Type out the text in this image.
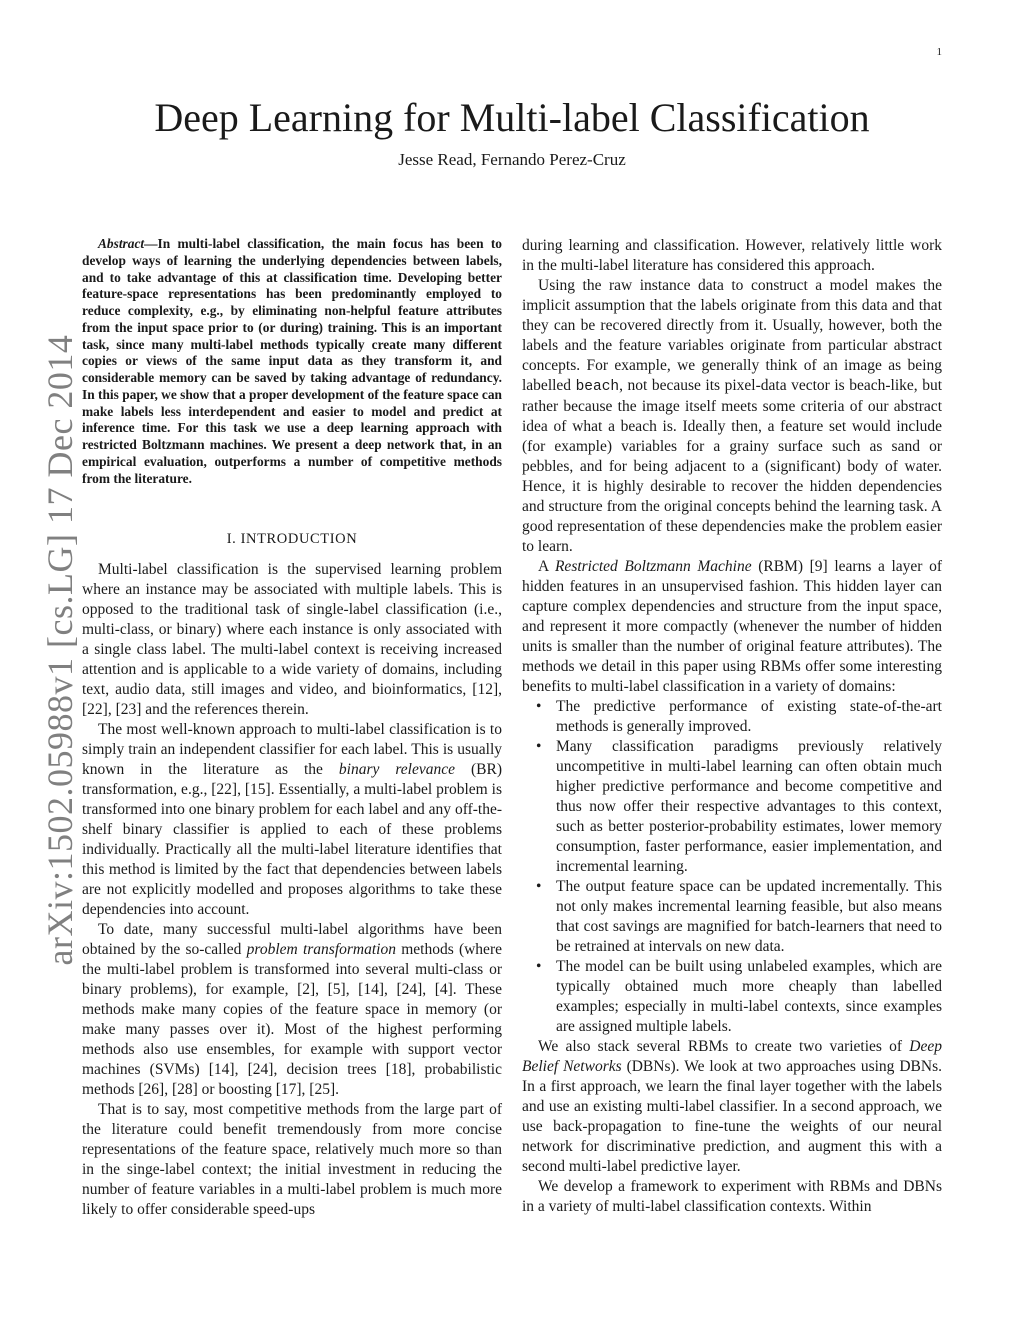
1
arXiv:1502.05988v1 [cs.LG] 17 Dec 2014
Deep Learning for Multi-label Classification
Jesse Read, Fernando Perez-Cruz

Abstract—In multi-label classification, the main focus has been to develop ways of learning the underlying dependencies between labels, and to take advantage of this at classification time. Developing better feature-space representations has been predominantly employed to reduce complexity, e.g., by eliminating non-helpful feature attributes from the input space prior to (or during) training. This is an important task, since many multi-label methods typically create many different copies or views of the same input data as they transform it, and considerable memory can be saved by taking advantage of redundancy. In this paper, we show that a proper development of the feature space can make labels less interdependent and easier to model and predict at inference time. For this task we use a deep learning approach with restricted Boltzmann machines. We present a deep network that, in an empirical evaluation, outperforms a number of competitive methods from the literature.

I. INTRODUCTION

Multi-label classification is the supervised learning problem where an instance may be associated with multiple labels. This is opposed to the traditional task of single-label classification (i.e., multi-class, or binary) where each instance is only associated with a single class label. The multi-label context is receiving increased attention and is applicable to a wide variety of domains, including text, audio data, still images and video, and bioinformatics, [12], [22], [23] and the references therein.

The most well-known approach to multi-label classification is to simply train an independent classifier for each label. This is usually known in the literature as the binary relevance (BR) transformation, e.g., [22], [15]. Essentially, a multi-label problem is transformed into one binary problem for each label and any off-the-shelf binary classifier is applied to each of these problems individually. Practically all the multi-label literature identifies that this method is limited by the fact that dependencies between labels are not explicitly modelled and proposes algorithms to take these dependencies into account.

To date, many successful multi-label algorithms have been obtained by the so-called problem transformation methods (where the multi-label problem is transformed into several multi-class or binary problems), for example, [2], [5], [14], [24], [4]. These methods make many copies of the feature space in memory (or make many passes over it). Most of the highest performing methods also use ensembles, for example with support vector machines (SVMs) [14], [24], decision trees [18], probabilistic methods [26], [28] or boosting [17], [25].

That is to say, most competitive methods from the large part of the literature could benefit tremendously from more concise representations of the feature space, relatively much more so than in the singe-label context; the initial investment in reducing the number of feature variables in a multi-label problem is much more likely to offer considerable speed-ups

during learning and classification. However, relatively little work in the multi-label literature has considered this approach.

Using the raw instance data to construct a model makes the implicit assumption that the labels originate from this data and that they can be recovered directly from it. Usually, however, both the labels and the feature variables originate from particular abstract concepts. For example, we generally think of an image as being labelled beach, not because its pixel-data vector is beach-like, but rather because the image itself meets some criteria of our abstract idea of what a beach is. Ideally then, a feature set would include (for example) variables for a grainy surface such as sand or pebbles, and for being adjacent to a (significant) body of water. Hence, it is highly desirable to recover the hidden dependencies and structure from the original concepts behind the learning task. A good representation of these dependencies make the problem easier to learn.

A Restricted Boltzmann Machine (RBM) [9] learns a layer of hidden features in an unsupervised fashion. This hidden layer can capture complex dependencies and structure from the input space, and represent it more compactly (whenever the number of hidden units is smaller than the number of original feature attributes). The methods we detail in this paper using RBMs offer some interesting benefits to multi-label classification in a variety of domains:

• The predictive performance of existing state-of-the-art methods is generally improved.
• Many classification paradigms previously relatively uncompetitive in multi-label learning can often obtain much higher predictive performance and become competitive and thus now offer their respective advantages to this context, such as better posterior-probability estimates, lower memory consumption, faster performance, easier implementation, and incremental learning.
• The output feature space can be updated incrementally. This not only makes incremental learning feasible, but also means that cost savings are magnified for batch-learners that need to be retrained at intervals on new data.
• The model can be built using unlabeled examples, which are typically obtained much more cheaply than labelled examples; especially in multi-label contexts, since examples are assigned multiple labels.

We also stack several RBMs to create two varieties of Deep Belief Networks (DBNs). We look at two approaches using DBNs. In a first approach, we learn the final layer together with the labels and use an existing multi-label classifier. In a second approach, we use back-propagation to fine-tune the weights of our neural network for discriminative prediction, and augment this with a second multi-label predictive layer.

We develop a framework to experiment with RBMs and DBNs in a variety of multi-label classification contexts. Within
